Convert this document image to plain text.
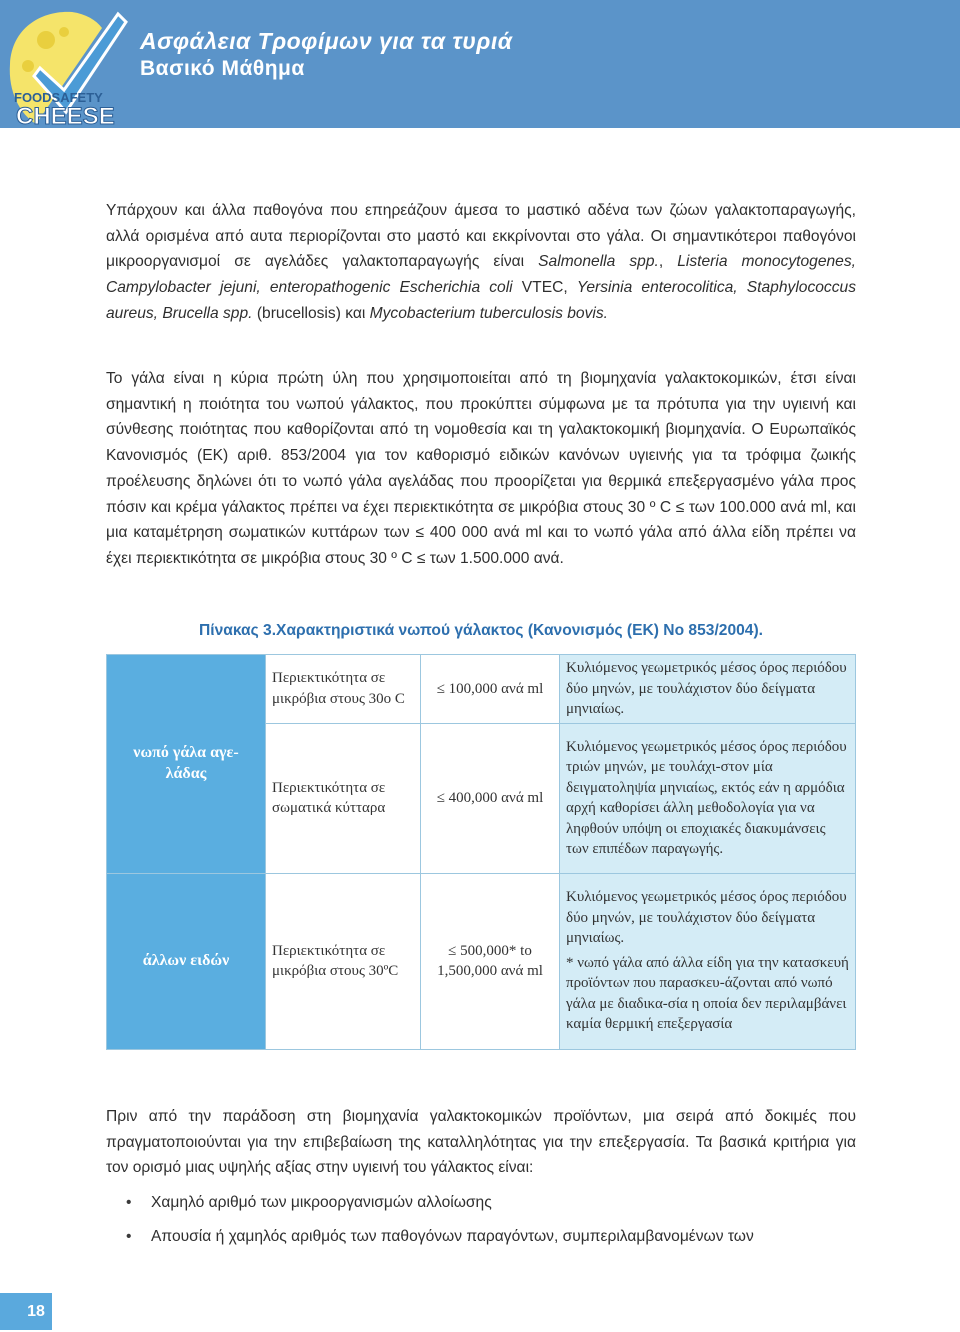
FOODSAFETY
CHEESE
Ασφάλεια Τροφίμων για τα τυριά
Βασικό Μάθημα
Υπάρχουν και άλλα παθογόνα που επηρεάζουν άμεσα το μαστικό αδένα των ζώων γαλακτοπαραγωγής, αλλά ορισμένα από αυτα περιορίζονται στο μαστό και εκκρίνονται στο γάλα. Οι σημαντικότεροι παθογόνοι μικροοργανισμοί σε αγελάδες γαλακτοπαραγωγής είναι Salmonella spp., Listeria monocytogenes, Campylobacter jejuni, enteropathogenic Escherichia coli VTEC, Yersinia enterocolitica, Staphylococcus aureus, Brucella spp. (brucellosis) και Mycobacterium tuberculosis bovis.
Το γάλα είναι η κύρια πρώτη ύλη που χρησιμοποιείται από τη βιομηχανία γαλακτοκομικών, έτσι είναι σημαντική η ποιότητα του νωπού γάλακτος, που προκύπτει σύμφωνα με τα πρότυπα για την υγιεινή και σύνθεσης ποιότητας που καθορίζονται από τη νομοθεσία και τη γαλακτοκομική βιομηχανία. Ο Ευρωπαϊκός Κανονισμός (ΕΚ) αριθ. 853/2004 για τον καθορισμό ειδικών κανόνων υγιεινής για τα τρόφιμα ζωικής προέλευσης δηλώνει ότι το νωπό γάλα αγελάδας που προορίζεται για θερμικά επεξεργασμένο γάλα προς πόσιν και κρέμα γάλακτος πρέπει να έχει περιεκτικότητα σε μικρόβια στους 30 º C ≤ των 100.000 ανά ml, και μια καταμέτρηση σωματικών κυττάρων των ≤ 400 000 ανά ml και το νωπό γάλα από άλλα είδη πρέπει να έχει περιεκτικότητα σε μικρόβια στους 30 º C ≤ των 1.500.000 ανά.
Πίνακας 3.Χαρακτηριστικά νωπού γάλακτος (Κανονισμός (ΕΚ) Νο 853/2004).
νωπό γάλα αγε-λάδας	Περιεκτικότητα σε μικρόβια στους 30ο C	≤ 100,000 ανά ml	Κυλιόμενος γεωμετρικός μέσος όρος περιόδου δύο μηνών, με τουλάχιστον δύο δείγματα μηνιαίως.
	Περιεκτικότητα σε σωματικά κύτταρα	≤ 400,000 ανά ml	Κυλιόμενος γεωμετρικός μέσος όρος περιόδου τριών μηνών, με τουλάχι-στον μία δειγματοληψία μηνιαίως, εκτός εάν η αρμόδια αρχή καθορίσει άλλη μεθοδολογία για να ληφθούν υπόψη οι εποχιακές διακυμάνσεις των επιπέδων παραγωγής.
άλλων ειδών	Περιεκτικότητα σε μικρόβια στους 30ºC	≤ 500,000* to 1,500,000 ανά ml	Κυλιόμενος γεωμετρικός μέσος όρος περιόδου δύο μηνών, με τουλάχιστον δύο δείγματα μηνιαίως.
* νωπό γάλα από άλλα είδη για την κατασκευή προϊόντων που παρασκευ-άζονται από νωπό γάλα με διαδικα-σία η οποία δεν περιλαμβάνει καμία θερμική επεξεργασία
Πριν από την παράδοση στη βιομηχανία γαλακτοκομικών προϊόντων, μια σειρά από δοκιμές που πραγματοποιούνται για την επιβεβαίωση της καταλληλότητας για την επεξεργασία. Τα βασικά κριτήρια για τον ορισμό μιας υψηλής αξίας στην υγιεινή του γάλακτος είναι:
• Χαμηλό αριθμό των μικροοργανισμών αλλοίωσης
• Απουσία ή χαμηλός αριθμός των παθογόνων παραγόντων, συμπεριλαμβανομένων των
18
